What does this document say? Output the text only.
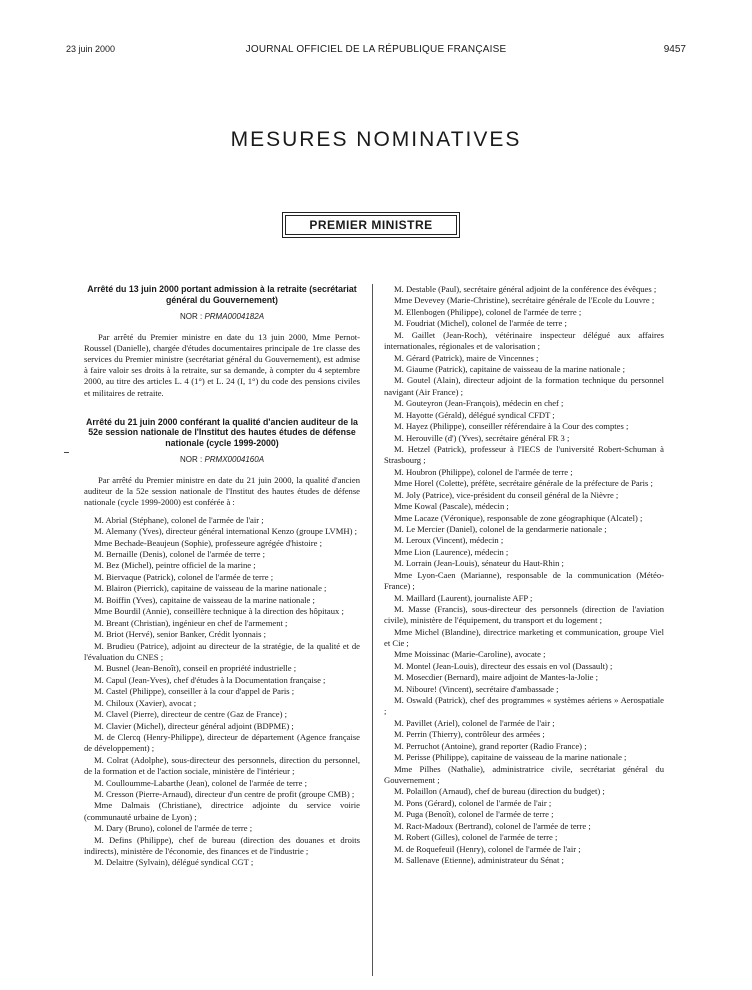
23 juin 2000	JOURNAL OFFICIEL DE LA RÉPUBLIQUE FRANÇAISE	9457
MESURES NOMINATIVES
PREMIER MINISTRE

Arrêté du 13 juin 2000 portant admission à la retraite (secrétariat général du Gouvernement)

NOR : PRMA0004182A

Par arrêté du Premier ministre en date du 13 juin 2000, Mme Pernot-Roussel (Danielle), chargée d'études documentaires principale de 1re classe des services du Premier ministre (secrétariat général du Gouvernement), est admise à faire valoir ses droits à la retraite, sur sa demande, à compter du 4 septembre 2000, au titre des articles L. 4 (1°) et L. 24 (I, 1°) du code des pensions civiles et militaires de retraite.

Arrêté du 21 juin 2000 conférant la qualité d'ancien auditeur de la 52e session nationale de l'Institut des hautes études de défense nationale (cycle 1999-2000)

NOR : PRMX0004160A

Par arrêté du Premier ministre en date du 21 juin 2000, la qualité d'ancien auditeur de la 52e session nationale de l'Institut des hautes études de défense nationale (cycle 1999-2000) est conférée à :

M. Abrial (Stéphane), colonel de l'armée de l'air ;

M. Alemany (Yves), directeur général international Kenzo (groupe LVMH) ;

Mme Bechade-Beaujeun (Sophie), professeure agrégée d'histoire ;

M. Bernaille (Denis), colonel de l'armée de terre ;

M. Bez (Michel), peintre officiel de la marine ;

M. Biervaque (Patrick), colonel de l'armée de terre ;

M. Blairon (Pierrick), capitaine de vaisseau de la marine nationale ;

M. Boiffin (Yves), capitaine de vaisseau de la marine nationale ;

Mme Bourdil (Annie), conseillère technique à la direction des hôpitaux ;

M. Breant (Christian), ingénieur en chef de l'armement ;

M. Briot (Hervé), senior Banker, Crédit lyonnais ;

M. Brudieu (Patrice), adjoint au directeur de la stratégie, de la qualité et de l'évaluation du CNES ;

M. Busnel (Jean-Benoît), conseil en propriété industrielle ;

M. Capul (Jean-Yves), chef d'études à la Documentation française ;

M. Castel (Philippe), conseiller à la cour d'appel de Paris ;

M. Chiloux (Xavier), avocat ;

M. Clavel (Pierre), directeur de centre (Gaz de France) ;

M. Clavier (Michel), directeur général adjoint (BDPME) ;

M. de Clercq (Henry-Philippe), directeur de département (Agence française de développement) ;

M. Colrat (Adolphe), sous-directeur des personnels, direction du personnel, de la formation et de l'action sociale, ministère de l'intérieur ;

M. Coulloumme-Labarthe (Jean), colonel de l'armée de terre ;

M. Cresson (Pierre-Arnaud), directeur d'un centre de profit (groupe CMB) ;

Mme Dalmais (Christiane), directrice adjointe du service voirie (communauté urbaine de Lyon) ;

M. Dary (Bruno), colonel de l'armée de terre ;

M. Defins (Philippe), chef de bureau (direction des douanes et droits indirects), ministère de l'économie, des finances et de l'industrie ;

M. Delaitre (Sylvain), délégué syndical CGT ;

M. Destable (Paul), secrétaire général adjoint de la conférence des évêques ;

Mme Devevey (Marie-Christine), secrétaire générale de l'Ecole du Louvre ;

M. Ellenbogen (Philippe), colonel de l'armée de terre ;

M. Foudriat (Michel), colonel de l'armée de terre ;

M. Gaillet (Jean-Roch), vétérinaire inspecteur délégué aux affaires internationales, régionales et de valorisation ;

M. Gérard (Patrick), maire de Vincennes ;

M. Giaume (Patrick), capitaine de vaisseau de la marine nationale ;

M. Goutel (Alain), directeur adjoint de la formation technique du personnel navigant (Air France) ;

M. Gouteyron (Jean-François), médecin en chef ;

M. Hayotte (Gérald), délégué syndical CFDT ;

M. Hayez (Philippe), conseiller référendaire à la Cour des comptes ;

M. Herouville (d') (Yves), secrétaire général FR 3 ;

M. Hetzel (Patrick), professeur à l'IECS de l'université Robert-Schuman à Strasbourg ;

M. Houbron (Philippe), colonel de l'armée de terre ;

Mme Horel (Colette), préfète, secrétaire générale de la préfecture de Paris ;

M. Joly (Patrice), vice-président du conseil général de la Nièvre ;

Mme Kowal (Pascale), médecin ;

Mme Lacaze (Véronique), responsable de zone géographique (Alcatel) ;

M. Le Mercier (Daniel), colonel de la gendarmerie nationale ;

M. Leroux (Vincent), médecin ;

Mme Lion (Laurence), médecin ;

M. Lorrain (Jean-Louis), sénateur du Haut-Rhin ;

Mme Lyon-Caen (Marianne), responsable de la communication (Météo-France) ;

M. Maillard (Laurent), journaliste AFP ;

M. Masse (Francis), sous-directeur des personnels (direction de l'aviation civile), ministère de l'équipement, du transport et du logement ;

Mme Michel (Blandine), directrice marketing et communication, groupe Viel et Cie ;

Mme Moissinac (Marie-Caroline), avocate ;

M. Montel (Jean-Louis), directeur des essais en vol (Dassault) ;

M. Mosecdier (Bernard), maire adjoint de Mantes-la-Jolie ;

M. Niboure! (Vincent), secrétaire d'ambassade ;

M. Oswald (Patrick), chef des programmes « systèmes aériens » Aerospatiale ;

M. Pavillet (Ariel), colonel de l'armée de l'air ;

M. Perrin (Thierry), contrôleur des armées ;

M. Perruchot (Antoine), grand reporter (Radio France) ;

M. Perisse (Philippe), capitaine de vaisseau de la marine nationale ;

Mme Pilhes (Nathalie), administratrice civile, secrétariat général du Gouvernement ;

M. Polaillon (Arnaud), chef de bureau (direction du budget) ;

M. Pons (Gérard), colonel de l'armée de l'air ;

M. Puga (Benoît), colonel de l'armée de terre ;

M. Ract-Madoux (Bertrand), colonel de l'armée de terre ;

M. Robert (Gilles), colonel de l'armée de terre ;

M. de Roquefeuil (Henry), colonel de l'armée de l'air ;

M. Sallenave (Etienne), administrateur du Sénat ;
